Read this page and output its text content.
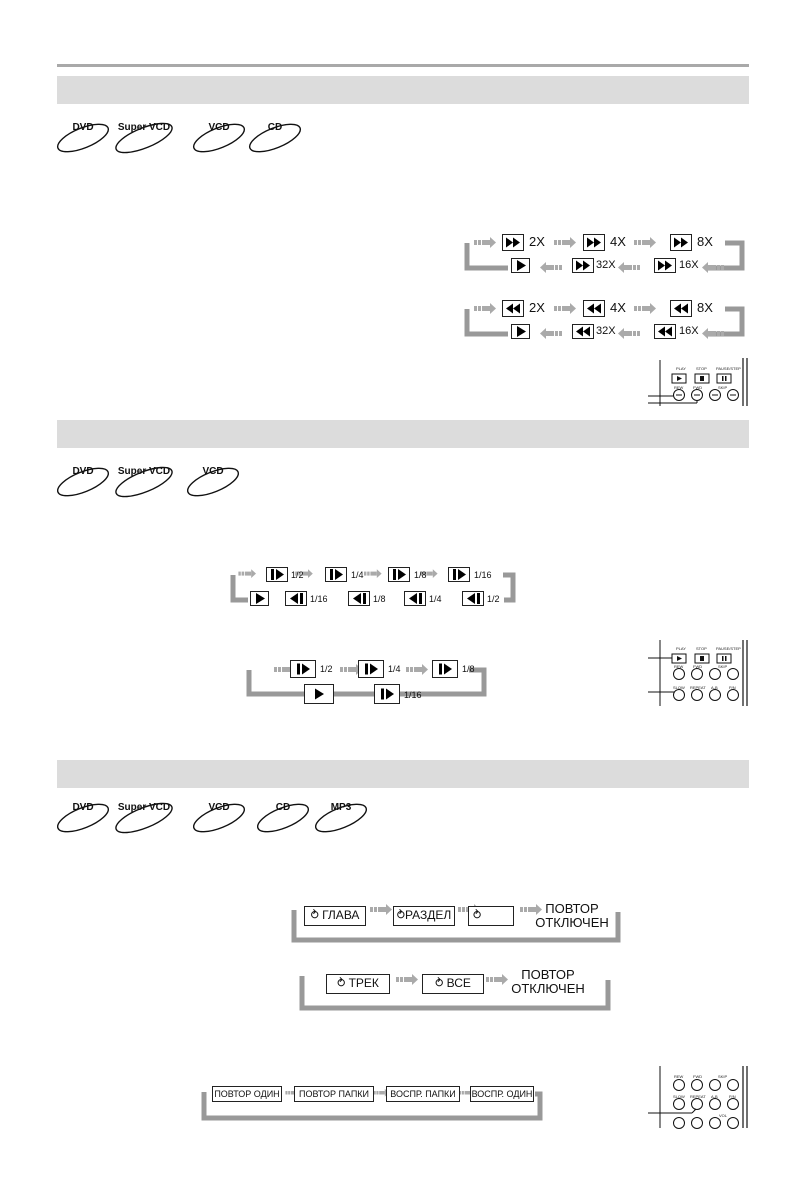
DVD	Super VCD	VCD	CD
2X	4X	8X
32X	16X
2X	4X	8X
32X	16X
PLAY	STOP PAUSE/STEP
REW FWD	SKIP
DVD	Super VCD	VCD
1/2	1/4	1/8	1/16
1/16	1/8	1/4	1/2
1/2	1/4	1/8
1/16
PLAY	STOP PAUSE/STEP
REW FWD	SKIP
SLOW REPEAT A-B	P/N
DVD	Super VCD	VCD	CD	MP3
⥁ ГЛАВА	⥁РАЗДЕЛ	⥁	ПОВТОР
ОТКЛЮЧЕН
⥁ ТРЕК	⥁ ВСЕ
ПОВТОР
ОТКЛЮЧЕН
ПОВТОР ОДИН	ПОВТОР ПАПКИ	ВОСПР. ПАПКИ	ВОСПР. ОДИН
REW FWD	SKIP
SLOW REPEAT A-B	P/N
VOL
